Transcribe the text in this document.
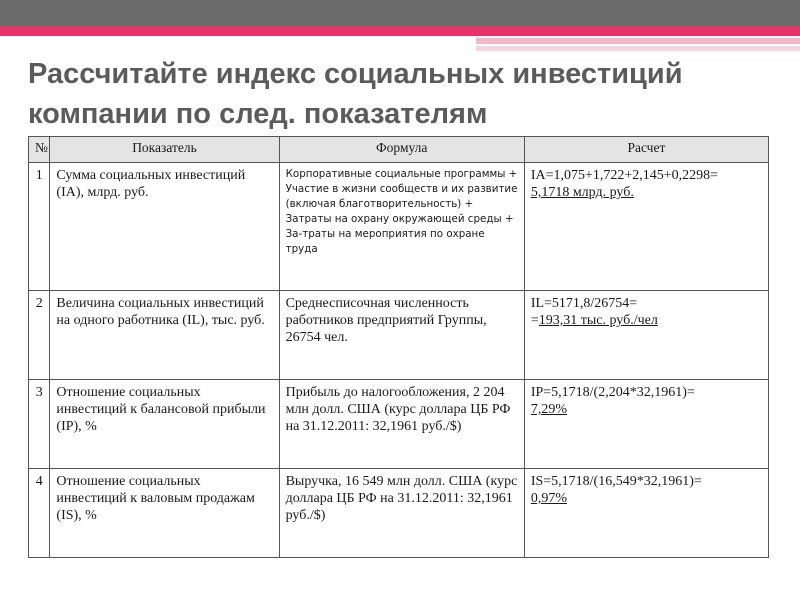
Рассчитайте индекс социальных инвестиций
компании по след. показателям
№	Показатель	Формула	Расчет
1	Сумма социальных инвестиций (IA), млрд. руб.	Корпоративные социальные программы + Участие в жизни сообществ и их развитие (включая благотворительность) + Затраты на охрану окружающей среды + За-траты на мероприятия по охране труда	IA=1,075+1,722+2,145+0,2298=
5,1718 млрд. руб.
2	Величина социальных инвестиций на одного работника (IL), тыс. руб.	Среднесписочная численность работников предприятий Группы, 26754 чел.	IL=5171,8/26754=
=193,31 тыс. руб./чел
3	Отношение социальных инвестиций к балансовой прибыли (IP), %	Прибыль до налогообложения, 2 204 млн долл. США (курс доллара ЦБ РФ на 31.12.2011: 32,1961 руб./$)	IP=5,1718/(2,204*32,1961)=
7,29%
4	Отношение социальных инвестиций к валовым продажам (IS), %	Выручка, 16 549 млн долл. США (курс доллара ЦБ РФ на 31.12.2011: 32,1961 руб./$)	IS=5,1718/(16,549*32,1961)=
0,97%
